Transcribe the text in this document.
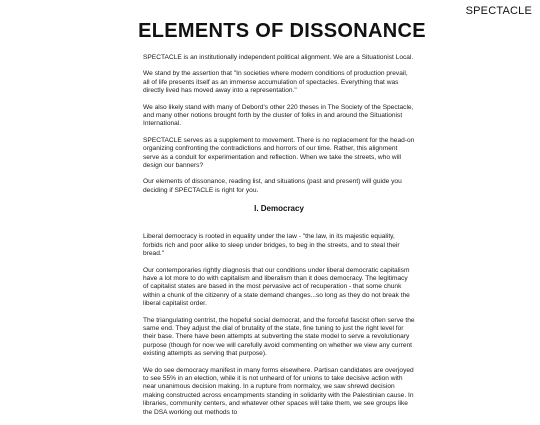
SPECTACLE
ELEMENTS OF DISSONANCE

SPECTACLE is an institutionally independent political alignment. We are a Situationist Local.

We stand by the assertion that "In societies where modern conditions of production prevail, all of life presents itself as an immense accumulation of spectacles. Everything that was directly lived has moved away into a representation."

We also likely stand with many of Debord's other 220 theses in The Society of the Spectacle, and many other notions brought forth by the cluster of folks in and around the Situationist International.

SPECTACLE serves as a supplement to movement. There is no replacement for the head-on organizing confronting the contradictions and horrors of our time. Rather, this alignment serve as a conduit for experimentation and reflection. When we take the streets, who will design our banners?

Our elements of dissonance, reading list, and situations (past and present) will guide you deciding if SPECTACLE is right for you.

I. Democracy

Liberal democracy is rooted in equality under the law - "the law, in its majestic equality, forbids rich and poor alike to sleep under bridges, to beg in the streets, and to steal their bread."

Our contemporaries rightly diagnosis that our conditions under liberal democratic capitalism have a lot more to do with capitalism and liberalism than it does democracy. The legitimacy of capitalist states are based in the most pervasive act of recuperation - that some chunk within a chunk of the citizenry of a state demand changes...so long as they do not break the liberal capitalist order.

The triangulating centrist, the hopeful social democrat, and the forceful fascist often serve the same end. They adjust the dial of brutality of the state, fine tuning to just the right level for their base. There have been attempts at subverting the state model to serve a revolutionary purpose (though for now we will carefully avoid commenting on whether we view any current existing attempts as serving that purpose).

We do see democracy manifest in many forms elsewhere. Partisan candidates are overjoyed to see 55% in an election, while it is not unheard of for unions to take decisive action with near unanimous decision making. In a rupture from normalcy, we saw shrewd decision making constructed across encampments standing in solidarity with the Palestinian cause. In libraries, community centers, and whatever other spaces will take them, we see groups like the DSA working out methods to
